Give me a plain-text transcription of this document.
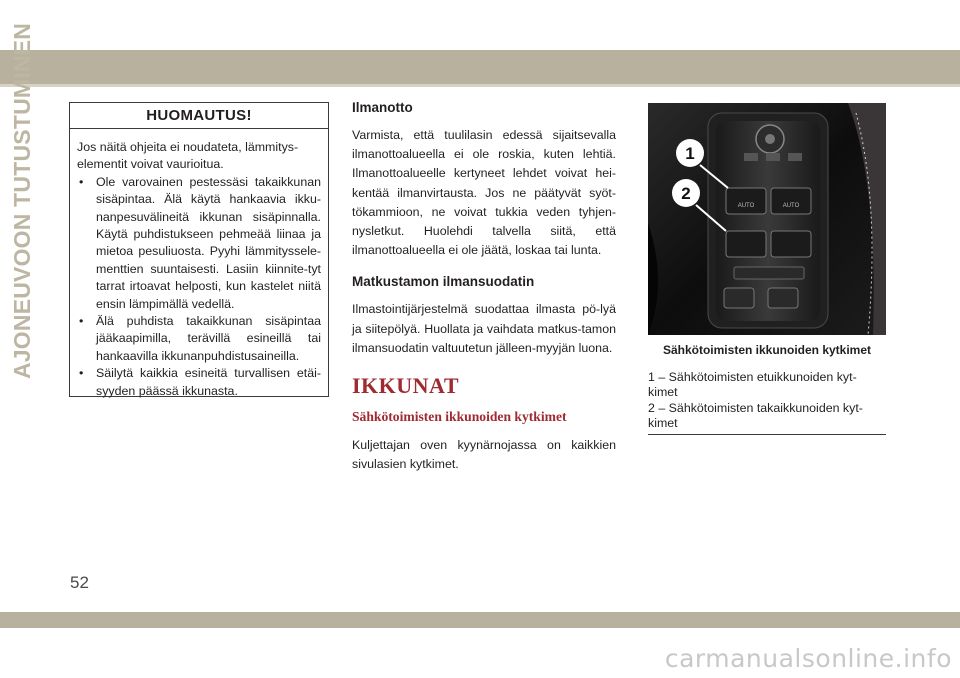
AJONEUVOON TUTUSTUMINEN	HUOMAUTUS!

Jos näitä ohjeita ei noudateta, lämmitys-elementit voivat vaurioitua.

• Ole varovainen pestessäsi takaikkunan sisäpintaa. Älä käytä hankaavia ikku-nanpesuvälineitä ikkunan sisäpinnalla. Käytä puhdistukseen pehmeää liinaa ja mietoa pesuliuosta. Pyyhi lämmityssele-menttien suuntaisesti. Lasiin kiinnite-tyt tarrat irtoavat helposti, kun kastelet niitä ensin lämpimällä vedellä.
• Älä puhdista takaikkunan sisäpintaa jääkaapimilla, terävillä esineillä tai hankaavilla ikkunanpuhdistusaineilla.
• Säilytä kaikkia esineitä turvallisen etäi-syyden päässä ikkunasta.
Ilmanotto

Varmista, että tuulilasin edessä sijaitsevalla ilmanottoalueella ei ole roskia, kuten lehtiä. Ilmanottoalueelle kertyneet lehdet voivat hei-kentää ilmanvirtausta. Jos ne päätyvät syöt-tökammioon, ne voivat tukkia veden tyhjen-nysletkut. Huolehdi talvella siitä, että ilmanottoalueella ei ole jäätä, loskaa tai lunta.

Matkustamon ilmansuodatin

Ilmastointijärjestelmä suodattaa ilmasta pö-lyä ja siitepölyä. Huollata ja vaihdata matkus-tamon ilmansuodatin valtuutetun jälleen-myyjän luona.

IKKUNAT
Sähkötoimisten ikkunoiden kytkimet

Kuljettajan oven kyynärnojassa on kaikkien sivulasien kytkimet.

AUTO	AUTO
1
2
Sähkötoimisten ikkunoiden kytkimet
1 – Sähkötoimisten etuikkunoiden kyt-kimet
2 – Sähkötoimisten takaikkunoiden kyt-kimet
52
carmanualsonline.info
